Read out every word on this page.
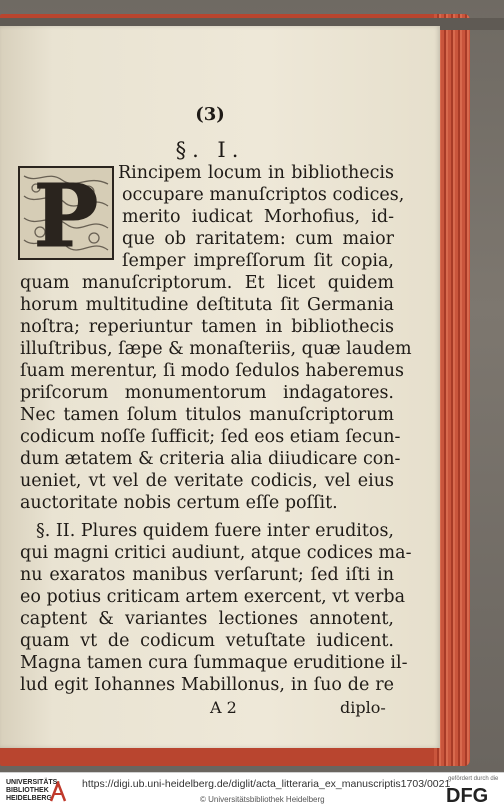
(3)
§. I.
P Rincipem locum in bibliothecis
occupare manuſcriptos codices,
merito iudicat Morhofius, id-
que ob raritatem: cum maior
ſemper impreſſorum ſit copia,
quam manuſcriptorum. Et licet quidem
horum multitudine deſtituta ſit Germania
noſtra; reperiuntur tamen in bibliothecis
illuſtribus, ſæpe & monaſteriis, quæ laudem
ſuam merentur, ſi modo ſedulos haberemus
priſcorum monumentorum indagatores.
Nec tamen ſolum titulos manuſcriptorum
codicum noſſe ſufficit; ſed eos etiam ſecun-
dum ætatem & criteria alia diiudicare con-
ueniet, vt vel de veritate codicis, vel eius
auctoritate nobis certum eſſe poſſit.
§. II. Plures quidem fuere inter eruditos,
qui magni critici audiunt, atque codices ma-
nu exaratos manibus verſarunt; ſed iſti in
eo potius criticam artem exercent, vt verba
captent & variantes lectiones annotent,
quam vt de codicum vetuſtate iudicent.
Magna tamen cura ſummaque eruditione il-
lud egit Iohannes Mabillonus, in ſuo de re
A 2	diplo-
UNIVERSITÄTS-
BIBLIOTHEK
HEIDELBERG
https://digi.ub.uni-heidelberg.de/diglit/acta_litteraria_ex_manuscriptis1703/0021
© Universitätsbibliothek Heidelberg
gefördert durch die
DFG
